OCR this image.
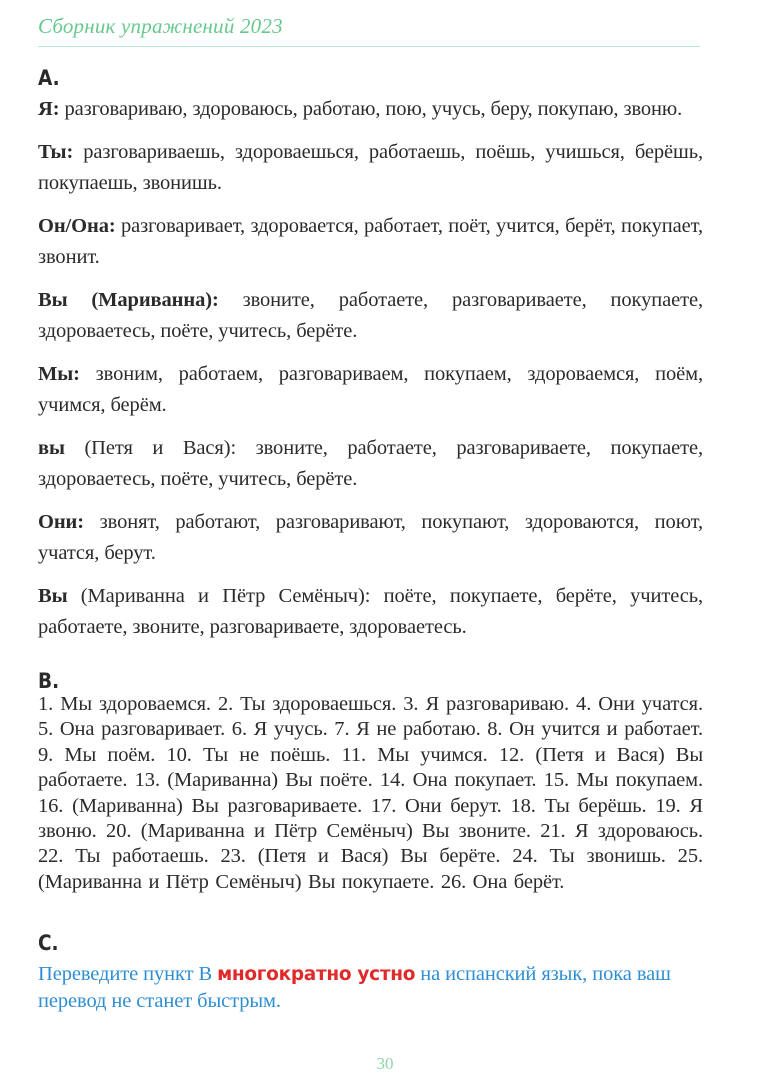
Сборник упражнений 2023
A.

Я: разговариваю, здороваюсь, работаю, пою, учусь, беру, покупаю, звоню.

Ты: разговариваешь, здороваешься, работаешь, поёшь, учишься, берёшь, покупаешь, звонишь.

Он/Она: разговаривает, здоровается, работает, поёт, учится, берёт, покупает, звонит.

Вы (Мариванна): звоните, работаете, разговариваете, покупаете, здороваетесь, поёте, учитесь, берёте.

Мы: звоним, работаем, разговариваем, покупаем, здороваемся, поём, учимся, берём.

вы (Петя и Вася): звоните, работаете, разговариваете, покупаете, здороваетесь, поёте, учитесь, берёте.

Они: звонят, работают, разговаривают, покупают, здороваются, поют, учатся, берут.

Вы (Мариванна и Пётр Семёныч): поёте, покупаете, берёте, учитесь, работаете, звоните, разговариваете, здороваетесь.

B.

1. Мы здороваемся. 2. Ты здороваешься. 3. Я разговариваю. 4. Они учатся. 5. Она разговаривает. 6. Я учусь. 7. Я не работаю. 8. Он учится и работает. 9. Мы поём. 10. Ты не поёшь. 11. Мы учимся. 12. (Петя и Вася) Вы работаете. 13. (Мариванна) Вы поёте. 14. Она покупает. 15. Мы покупаем. 16. (Мариванна) Вы разговариваете. 17. Они берут. 18. Ты берёшь. 19. Я звоню. 20. (Мариванна и Пётр Семёныч) Вы звоните. 21. Я здороваюсь. 22. Ты работаешь. 23. (Петя и Вася) Вы берёте. 24. Ты звонишь. 25. (Мариванна и Пётр Семёныч) Вы покупаете. 26. Она берёт.

C.

Переведите пункт B многократно устно на испанский язык, пока ваш перевод не станет быстрым.

30
